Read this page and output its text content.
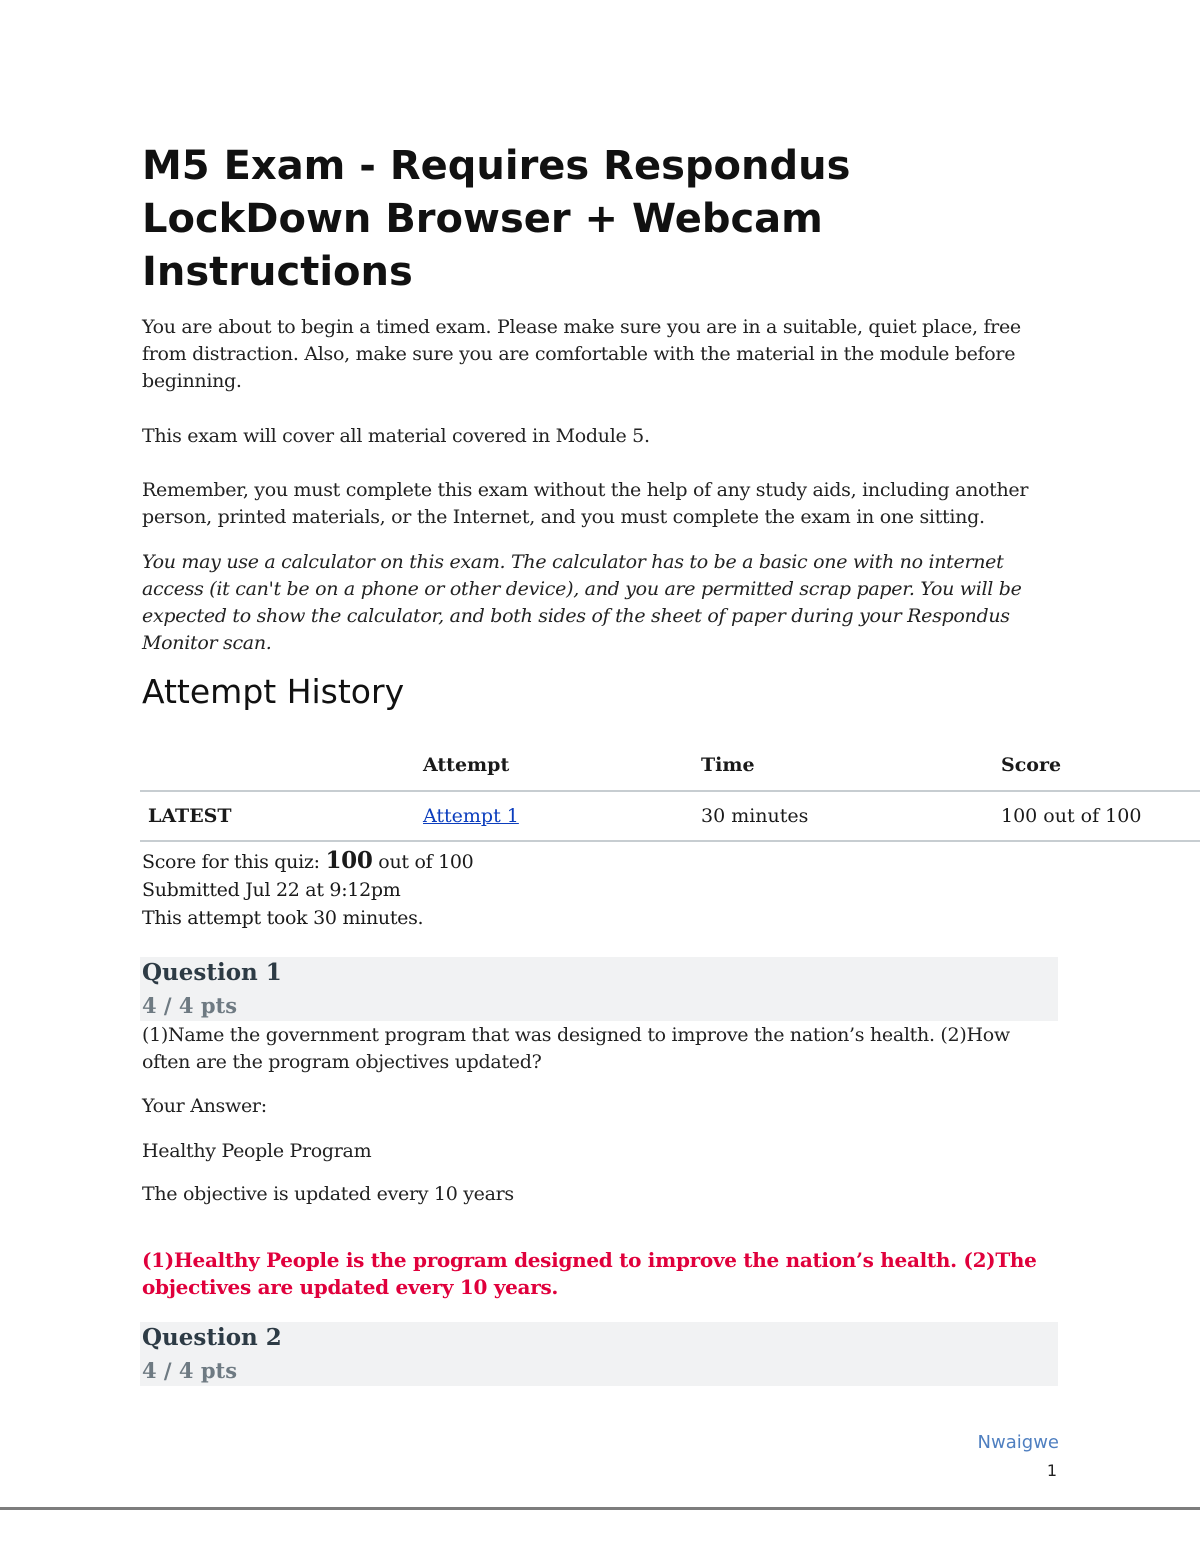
M5 Exam - Requires Respondus LockDown Browser + Webcam Instructions

You are about to begin a timed exam. Please make sure you are in a suitable, quiet place, free from distraction. Also, make sure you are comfortable with the material in the module before beginning.

This exam will cover all material covered in Module 5.

Remember, you must complete this exam without the help of any study aids, including another person, printed materials, or the Internet, and you must complete the exam in one sitting.

You may use a calculator on this exam. The calculator has to be a basic one with no internet access (it can't be on a phone or other device), and you are permitted scrap paper. You will be expected to show the calculator, and both sides of the sheet of paper during your Respondus Monitor scan.

Attempt History
	Attempt	Time	Score
LATEST	Attempt 1	30 minutes	100 out of 100
Score for this quiz: 100 out of 100
Submitted Jul 22 at 9:12pm
This attempt took 30 minutes.
Question 1
4 / 4 pts

(1)Name the government program that was designed to improve the nation’s health. (2)How often are the program objectives updated?

Your Answer:

Healthy People Program

The objective is updated every 10 years

(1)Healthy People is the program designed to improve the nation’s health. (2)The objectives are updated every 10 years.

Question 2
4 / 4 pts
Nwaigwe
1
